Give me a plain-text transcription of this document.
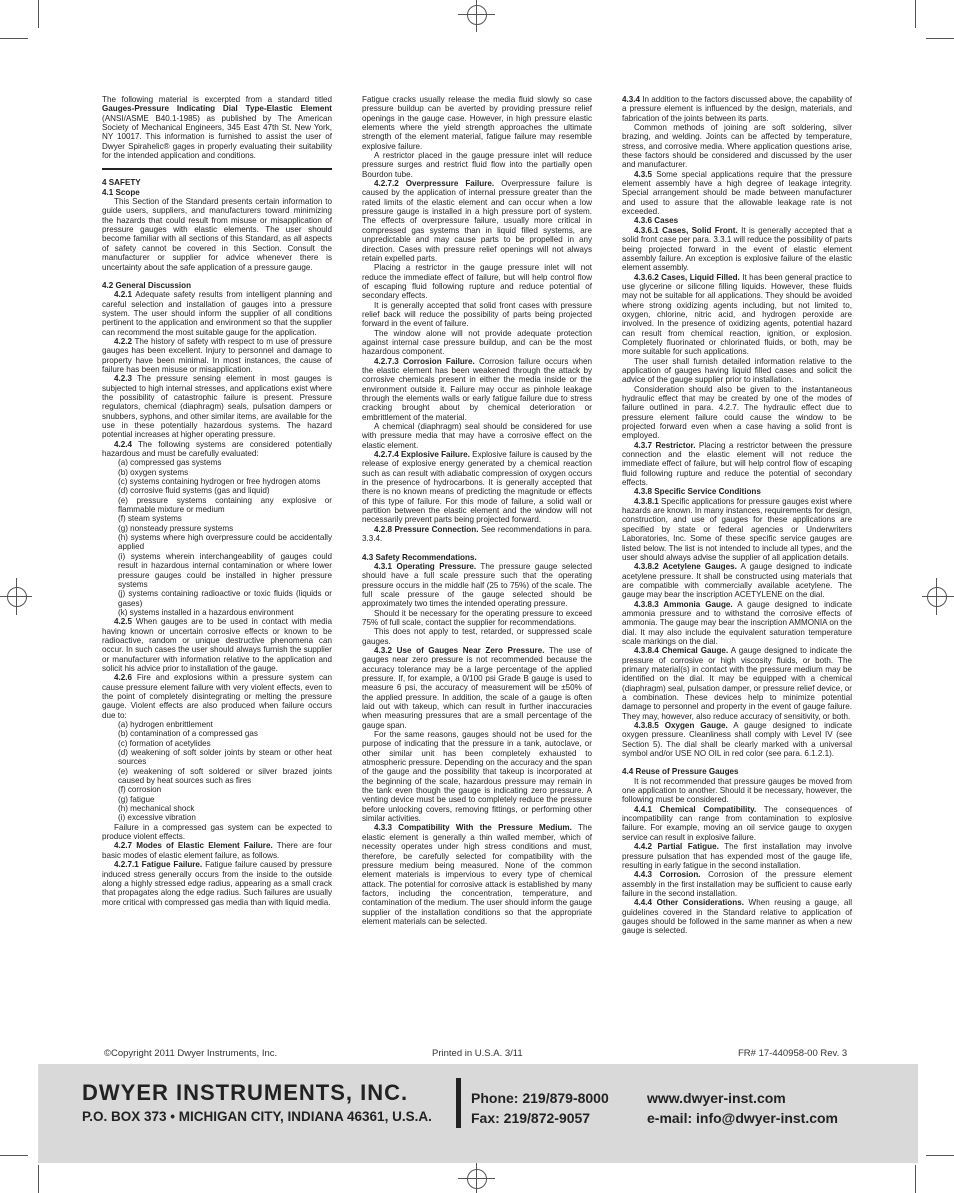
The following material is excerpted from a standard titled Gauges-Pressure Indicating Dial Type-Elastic Element (ANSI/ASME B40.1-1985) as published by The American Society of Mechanical Engineers, 345 East 47th St. New York, NY 10017. This information is furnished to assist the user of Dwyer Spirahelic® gages in properly evaluating their suitability for the intended application and conditions.

4 SAFETY

4.1 Scope

This Section of the Standard presents certain information to guide users, suppliers, and manufacturers toward minimizing the hazards that could result from misuse or misapplication of pressure gauges with elastic elements. The user should become familiar with all sections of this Standard, as all aspects of safety cannot be covered in this Section. Consult the manufacturer or supplier for advice whenever there is uncertainty about the safe application of a pressure gauge.

4.2 General Discussion

4.2.1 Adequate safety results from intelligent planning and careful selection and installation of gauges into a pressure system. The user should inform the supplier of all conditions pertinent to the application and environment so that the supplier can recommend the most suitable gauge for the application.

4.2.2 The history of safety with respect to m use of pressure gauges has been excellent. Injury to personnel and damage to property have been minimal. In most instances, the cause of failure has been misuse or misapplication.

4.2.3 The pressure sensing element in most gauges is subjected to high internal stresses, and applications exist where the possibility of catastrophic failure is present. Pressure regulators, chemical (diaphragm) seals, pulsation dampers or snubbers, syphons, and other similar items, are available for the use in these potentially hazardous systems. The hazard potential increases at higher operating pressure.

4.2.4 The following systems are considered potentially hazardous and must be carefully evaluated:

(a) compressed gas systems

(b) oxygen systems

(c) systems containing hydrogen or free hydrogen atoms

(d) corrosive fluid systems (gas and liquid)

(e) pressure systems containing any explosive or flammable mixture or medium

(f) steam systems

(g) nonsteady pressure systems

(h) systems where high overpressure could be accidentally applied

(i) systems wherein interchangeability of gauges could result in hazardous internal contamination or where lower pressure gauges could be installed in higher pressure systems

(j) systems containing radioactive or toxic fluids (liquids or gases)

(k) systems installed in a hazardous environment

4.2.5 When gauges are to be used in contact with media having known or uncertain corrosive effects or known to be radioactive, random or unique destructive phenomena can occur. In such cases the user should always furnish the supplier or manufacturer with information relative to the application and solicit his advice prior to installation of the gauge.

4.2.6 Fire and explosions within a pressure system can cause pressure element failure with very violent effects, even to the point of completely disintegrating or melting the pressure gauge. Violent effects are also produced when failure occurs due to:

(a) hydrogen enbrittlement

(b) contamination of a compressed gas

(c) formation of acetylides

(d) weakening of soft solder joints by steam or other heat sources

(e) weakening of soft soldered or silver brazed joints caused by heat sources such as fires

(f) corrosion

(g) fatigue

(h) mechanical shock

(i) excessive vibration

Failure in a compressed gas system can be expected to produce violent effects.

4.2.7 Modes of Elastic Element Failure. There are four basic modes of elastic element failure, as follows.

4.2.7.1 Fatigue Failure. Fatigue failure caused by pressure induced stress generally occurs from the inside to the outside along a highly stressed edge radius, appearing as a small crack that propagates along the edge radius. Such failures are usually more critical with compressed gas media than with liquid media.

Fatigue cracks usually release the media fluid slowly so case pressure buildup can be averted by providing pressure relief openings in the gauge case. However, in high pressure elastic elements where the yield strength approaches the ultimate strength of the element material, fatigue failure may resemble explosive failure.

A restrictor placed in the gauge pressure inlet will reduce pressure surges and restrict fluid flow into the partially open Bourdon tube.

4.2.7.2 Overpressure Failure. Overpressure failure is caused by the application of internal pressure greater than the rated limits of the elastic element and can occur when a low pressure gauge is installed in a high pressure port of system. The effects of overpressure failure, usually more critical in compressed gas systems than in liquid filled systems, are unpredictable and may cause parts to be propelled in any direction. Cases with pressure relief openings will not always retain expelled parts.

Placing a restrictor in the gauge pressure inlet will not reduce the immediate effect of failure, but will help control flow of escaping fluid following rupture and reduce potential of secondary effects.

It is generally accepted that solid front cases with pressure relief back will reduce the possibility of parts being projected forward in the event of failure.

The window alone will not provide adequate protection against internal case pressure buildup, and can be the most hazardous component.

4.2.7.3 Corrosion Failure. Corrosion failure occurs when the elastic element has been weakened through the attack by corrosive chemicals present in either the media inside or the environment outside it. Failure may occur as pinhole leakage through the elements walls or early fatigue failure due to stress cracking brought about by chemical deterioration or embrittlement of the material.

A chemical (diaphragm) seal should be considered for use with pressure media that may have a corrosive effect on the elastic element.

4.2.7.4 Explosive Failure. Explosive failure is caused by the release of explosive energy generated by a chemical reaction such as can result with adiabatic compression of oxygen occurs in the presence of hydrocarbons. It is generally accepted that there is no known means of predicting the magnitude or effects of this type of failure. For this mode of failure, a solid wall or partition between the elastic element and the window will not necessarily prevent parts being projected forward.

4.2.8 Pressure Connection. See recommendations in para. 3.3.4.

4.3 Safety Recommendations.

4.3.1 Operating Pressure. The pressure gauge selected should have a full scale pressure such that the operating pressure occurs in the middle half (25 to 75%) of the scale. The full scale pressure of the gauge selected should be approximately two times the intended operating pressure.

Should it be necessary for the operating pressure to exceed 75% of full scale, contact the supplier for recommendations.

This does not apply to test, retarded, or suppressed scale gauges.

4.3.2 Use of Gauges Near Zero Pressure. The use of gauges near zero pressure is not recommended because the accuracy tolerance may be a large percentage of the applied pressure. If, for example, a 0/100 psi Grade B gauge is used to measure 6 psi, the accuracy of measurement will be ±50% of the applied pressure. In addition, the scale of a gauge is often laid out with takeup, which can result in further inaccuracies when measuring pressures that are a small percentage of the gauge span.

For the same reasons, gauges should not be used for the purpose of indicating that the pressure in a tank, autoclave, or other similar unit has been completely exhausted to atmospheric pressure. Depending on the accuracy and the span of the gauge and the possibility that takeup is incorporated at the beginning of the scale, hazardous pressure may remain in the tank even though the gauge is indicating zero pressure. A venting device must be used to completely reduce the pressure before unlocking covers, removing fittings, or performing other similar activities.

4.3.3 Compatibility With the Pressure Medium. The elastic element is generally a thin walled member, which of necessity operates under high stress conditions and must, therefore, be carefully selected for compatibility with the pressure medium being measured. None of the common element materials is impervious to every type of chemical attack. The potential for corrosive attack is established by many factors, including the concentration, temperature, and contamination of the medium. The user should inform the gauge supplier of the installation conditions so that the appropriate element materials can be selected.

4.3.4 In addition to the factors discussed above, the capability of a pressure element is influenced by the design, materials, and fabrication of the joints between its parts.

Common methods of joining are soft soldering, silver brazing, and welding. Joints can be affected by temperature, stress, and corrosive media. Where application questions arise, these factors should be considered and discussed by the user and manufacturer.

4.3.5 Some special applications require that the pressure element assembly have a high degree of leakage integrity. Special arrangement should be made between manufacturer and used to assure that the allowable leakage rate is not exceeded.

4.3.6 Cases

4.3.6.1 Cases, Solid Front. It is generally accepted that a solid front case per para. 3.3.1 will reduce the possibility of parts being projected forward in the event of elastic element assembly failure. An exception is explosive failure of the elastic element assembly.

4.3.6.2 Cases, Liquid Filled. It has been general practice to use glycerine or silicone filling liquids. However, these fluids may not be suitable for all applications. They should be avoided where strong oxidizing agents including, but not limited to, oxygen, chlorine, nitric acid, and hydrogen peroxide are involved. In the presence of oxidizing agents, potential hazard can result from chemical reaction, ignition, or explosion. Completely fluorinated or chlorinated fluids, or both, may be more suitable for such applications.

The user shall furnish detailed information relative to the application of gauges having liquid filled cases and solicit the advice of the gauge supplier prior to installation.

Consideration should also be given to the instantaneous hydraulic effect that may be created by one of the modes of failure outlined in para. 4.2.7. The hydraulic effect due to pressure element failure could cause the window to be projected forward even when a case having a solid front is employed.

4.3.7 Restrictor. Placing a restrictor between the pressure connection and the elastic element will not reduce the immediate effect of failure, but will help control flow of escaping fluid following rupture and reduce the potential of secondary effects.

4.3.8 Specific Service Conditions

4.3.8.1 Specific applications for pressure gauges exist where hazards are known. In many instances, requirements for design, construction, and use of gauges for these applications are specified by state or federal agencies or Underwriters Laboratories, Inc. Some of these specific service gauges are listed below. The list is not intended to include all types, and the user should always advise the supplier of all application details.

4.3.8.2 Acetylene Gauges. A gauge designed to indicate acetylene pressure. It shall be constructed using materials that are compatible with commercially available acetylene. The gauge may bear the inscription ACETYLENE on the dial.

4.3.8.3 Ammonia Gauge. A gauge designed to indicate ammonia pressure and to withstand the corrosive effects of ammonia. The gauge may bear the inscription AMMONIA on the dial. It may also include the equivalent saturation temperature scale markings on the dial.

4.3.8.4 Chemical Gauge. A gauge designed to indicate the pressure of corrosive or high viscosity fluids, or both. The primary material(s) in contact with the pressure medium may be identified on the dial. It may be equipped with a chemical (diaphragm) seal, pulsation damper, or pressure relief device, or a combination. These devices help to minimize potential damage to personnel and property in the event of gauge failure. They may, however, also reduce accuracy of sensitivity, or both.

4.3.8.5 Oxygen Gauge. A gauge designed to indicate oxygen pressure. Cleanliness shall comply with Level IV (see Section 5). The dial shall be clearly marked with a universal symbol and/or USE NO OIL in red color (see para. 6.1.2.1).

4.4 Reuse of Pressure Gauges

It is not recommended that pressure gauges be moved from one application to another. Should it be necessary, however, the following must be considered.

4.4.1 Chemical Compatibility. The consequences of incompatibility can range from contamination to explosive failure. For example, moving an oil service gauge to oxygen service can result in explosive failure.

4.4.2 Partial Fatigue. The first installation may involve pressure pulsation that has expended most of the gauge life, resulting in early fatigue in the second installation.

4.4.3 Corrosion. Corrosion of the pressure element assembly in the first installation may be sufficient to cause early failure in the second installation.

4.4.4 Other Considerations. When reusing a gauge, all guidelines covered in the Standard relative to application of gauges should be followed in the same manner as when a new gauge is selected.

©Copyright 2011 Dwyer Instruments, Inc.	Printed in U.S.A. 3/11	FR# 17-440958-00 Rev. 3
DWYER INSTRUMENTS, INC.
P.O. BOX 373 • MICHIGAN CITY, INDIANA 46361, U.S.A.
Phone: 219/879-8000
Fax: 219/872-9057
www.dwyer-inst.com
e-mail: info@dwyer-inst.com
